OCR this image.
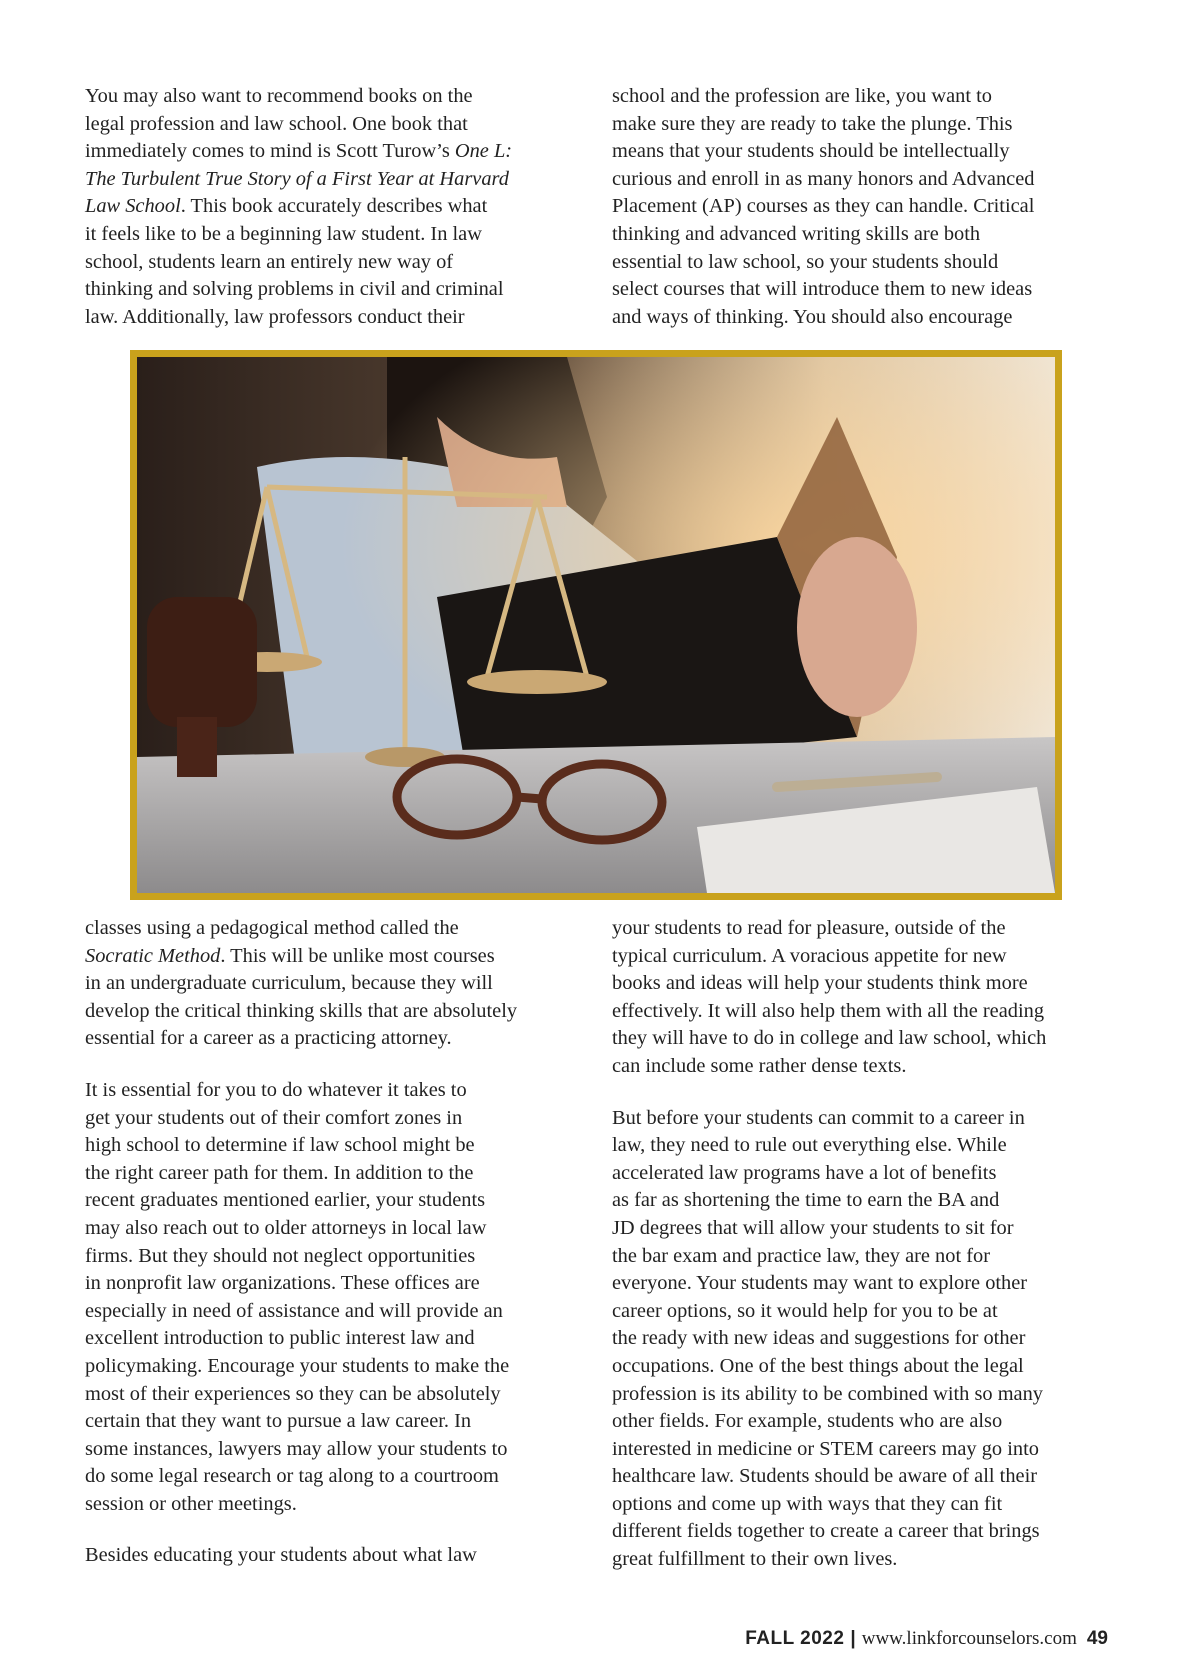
You may also want to recommend books on the
legal profession and law school. One book that
immediately comes to mind is Scott Turow’s One L:
The Turbulent True Story of a First Year at Harvard
Law School. This book accurately describes what
it feels like to be a beginning law student. In law
school, students learn an entirely new way of
thinking and solving problems in civil and criminal
law. Additionally, law professors conduct their
school and the profession are like, you want to
make sure they are ready to take the plunge. This
means that your students should be intellectually
curious and enroll in as many honors and Advanced
Placement (AP) courses as they can handle. Critical
thinking and advanced writing skills are both
essential to law school, so your students should
select courses that will introduce them to new ideas
and ways of thinking. You should also encourage

classes using a pedagogical method called the
Socratic Method. This will be unlike most courses
in an undergraduate curriculum, because they will
develop the critical thinking skills that are absolutely
essential for a career as a practicing attorney.

It is essential for you to do whatever it takes to
get your students out of their comfort zones in
high school to determine if law school might be
the right career path for them. In addition to the
recent graduates mentioned earlier, your students
may also reach out to older attorneys in local law
firms. But they should not neglect opportunities
in nonprofit law organizations. These offices are
especially in need of assistance and will provide an
excellent introduction to public interest law and
policymaking. Encourage your students to make the
most of their experiences so they can be absolutely
certain that they want to pursue a law career. In
some instances, lawyers may allow your students to
do some legal research or tag along to a courtroom
session or other meetings.

Besides educating your students about what law

your students to read for pleasure, outside of the
typical curriculum. A voracious appetite for new
books and ideas will help your students think more
effectively. It will also help them with all the reading
they will have to do in college and law school, which
can include some rather dense texts.

But before your students can commit to a career in
law, they need to rule out everything else. While
accelerated law programs have a lot of benefits
as far as shortening the time to earn the BA and
JD degrees that will allow your students to sit for
the bar exam and practice law, they are not for
everyone. Your students may want to explore other
career options, so it would help for you to be at
the ready with new ideas and suggestions for other
occupations. One of the best things about the legal
profession is its ability to be combined with so many
other fields. For example, students who are also
interested in medicine or STEM careers may go into
healthcare law. Students should be aware of all their
options and come up with ways that they can fit
different fields together to create a career that brings
great fulfillment to their own lives.

FALL 2022 | www.linkforcounselors.com 49
